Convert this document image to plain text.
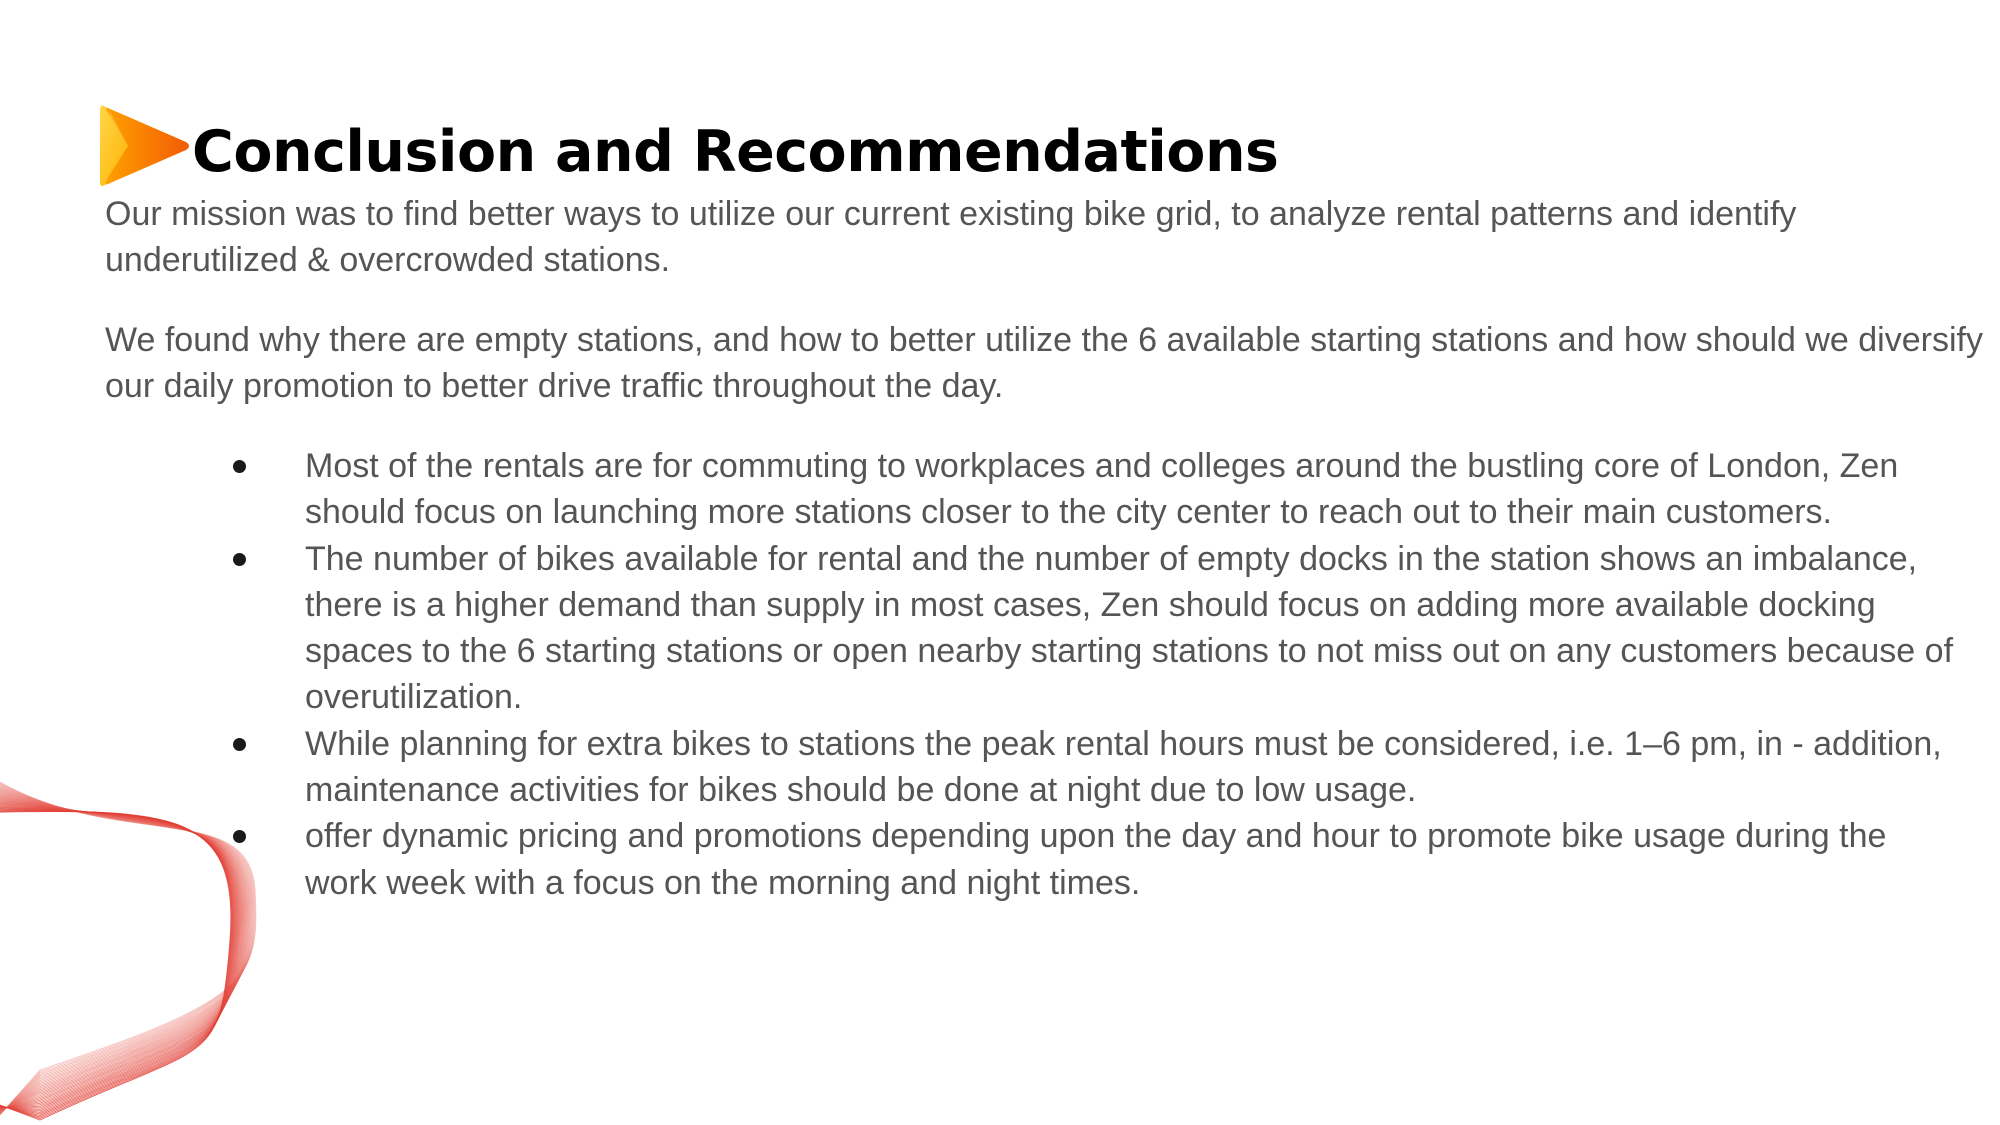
Conclusion and Recommendations

Our mission was to find better ways to utilize our current existing bike grid, to analyze rental patterns and identify underutilized & overcrowded stations.

We found why there are empty stations, and how to better utilize the 6 available starting stations and how should we diversify our daily promotion to better drive traffic throughout the day.

Most of the rentals are for commuting to workplaces and colleges around the bustling core of London, Zen should focus on launching more stations closer to the city center to reach out to their main customers.
The number of bikes available for rental and the number of empty docks in the station shows an imbalance, there is a higher demand than supply in most cases, Zen should focus on adding more available docking spaces to the 6 starting stations or open nearby starting stations to not miss out on any customers because of overutilization.
While planning for extra bikes to stations the peak rental hours must be considered, i.e. 1–6 pm, in - addition, maintenance activities for bikes should be done at night due to low usage.
offer dynamic pricing and promotions depending upon the day and hour to promote bike usage during the work week with a focus on the morning and night times.
